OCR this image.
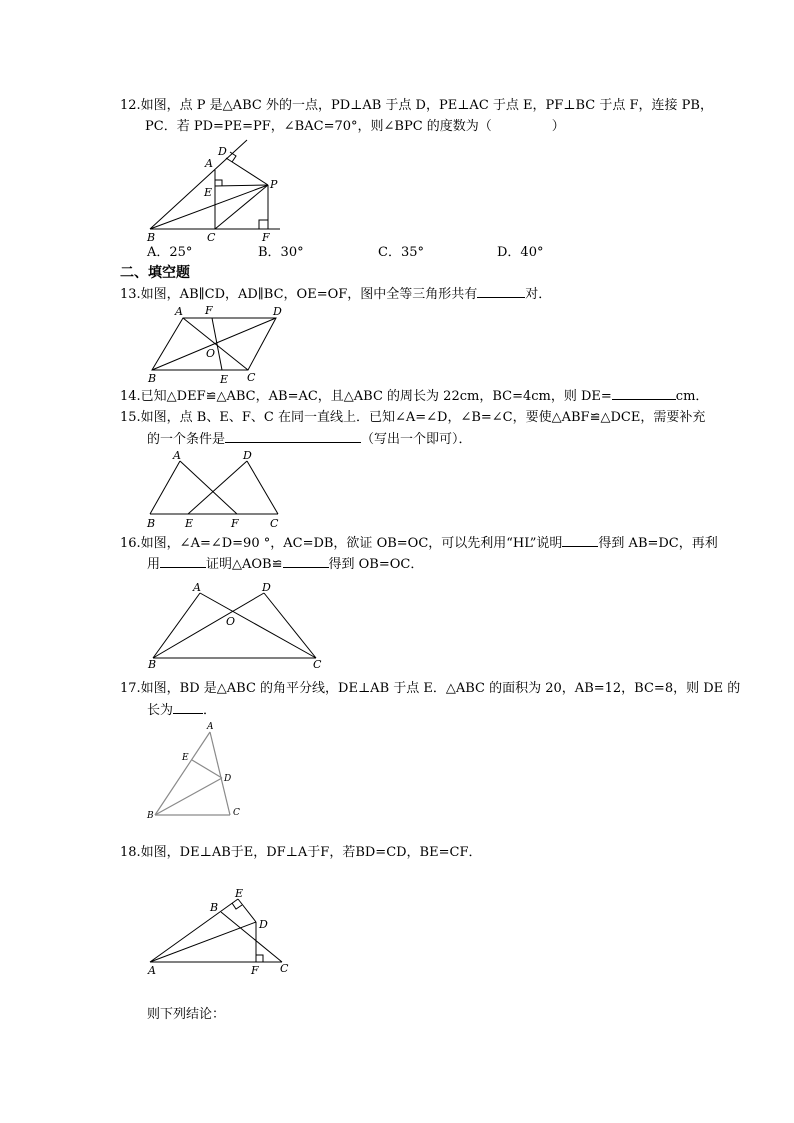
12.如图，点 P 是△ABC 外的一点，PD⊥AB 于点 D，PE⊥AC 于点 E，PF⊥BC 于点 F，连接 PB，
PC．若 PD=PE=PF，∠BAC=70°，则∠BPC 的度数为（	）
D
A
E
P
B	C	F
A．25°	B．30°	C．35°	D．40°
二、填空题
13.如图，AB∥CD，AD∥BC，OE=OF，图中全等三角形共有	对．
A F	D
O
B	E C
14.已知△DEF≌△ABC，AB=AC，且△ABC 的周长为 22cm，BC=4cm，则 DE=	cm．
15.如图，点 B、E、F、C 在同一直线上．已知∠A=∠D，∠B=∠C，要使△ABF≌△DCE，需要补充
的一个条件是	（写出一个即可）．
A	D
B	E	F	C
16.如图，∠A=∠D=90 °，AC=DB，欲证 OB=OC，可以先利用“HL”说明	得到 AB=DC，再利
用	证明△AOB≌	得到 OB=OC．
A	D
O
B	C
17.如图，BD 是△ABC 的角平分线，DE⊥AB 于点 E．△ABC 的面积为 20，AB=12，BC=8，则 DE 的
长为 ．
A
E
D
B	C
18.如图，DE⊥AB于E，DF⊥A于F，若BD=CD，BE=CF．
E
B
D
A	F C
则下列结论：
